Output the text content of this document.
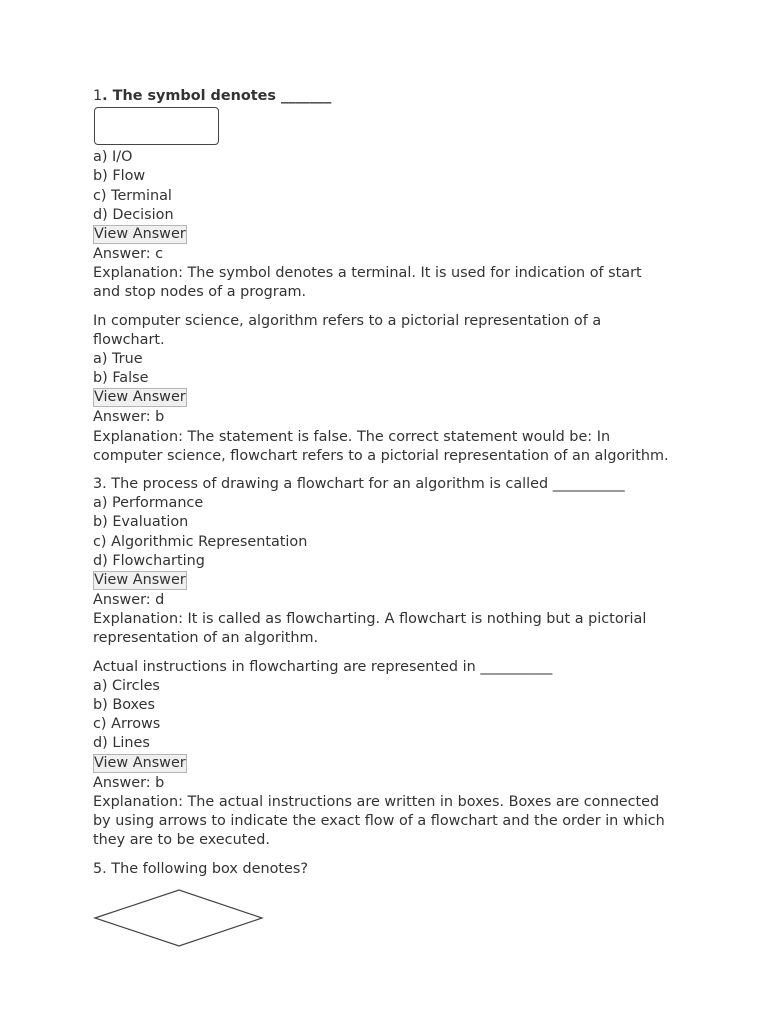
1. The symbol denotes _______
a) I/O
b) Flow
c) Terminal
d) Decision
View Answer
Answer: c
Explanation: The symbol denotes a terminal. It is used for indication of start and stop nodes of a program.
In computer science, algorithm refers to a pictorial representation of a flowchart.
a) True
b) False
View Answer
Answer: b
Explanation: The statement is false. The correct statement would be: In computer science, flowchart refers to a pictorial representation of an algorithm.
3. The process of drawing a flowchart for an algorithm is called __________
a) Performance
b) Evaluation
c) Algorithmic Representation
d) Flowcharting
View Answer
Answer: d
Explanation: It is called as flowcharting. A flowchart is nothing but a pictorial representation of an algorithm.
Actual instructions in flowcharting are represented in __________
a) Circles
b) Boxes
c) Arrows
d) Lines
View Answer
Answer: b
Explanation: The actual instructions are written in boxes. Boxes are connected by using arrows to indicate the exact flow of a flowchart and the order in which they are to be executed.
5. The following box denotes?
